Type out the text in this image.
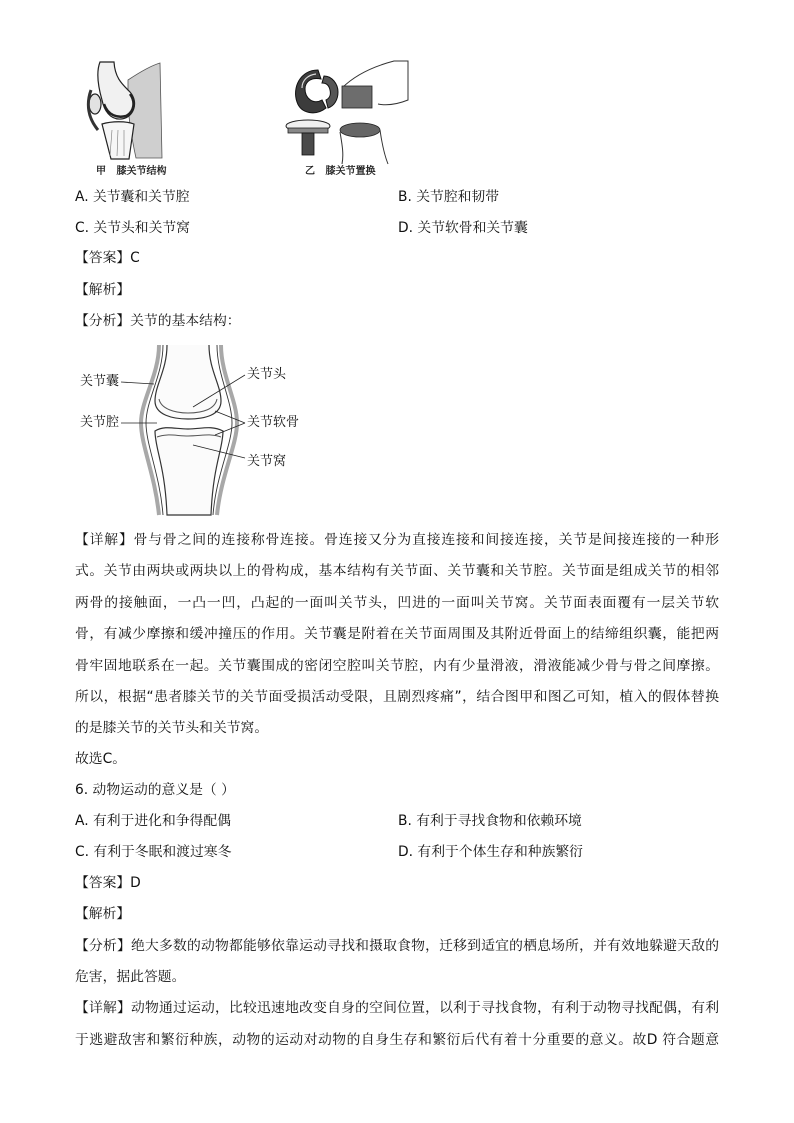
甲   膝关节结构	乙   膝关节置换
A. 关节囊和关节腔	B. 关节腔和韧带
C. 关节头和关节窝	D. 关节软骨和关节囊
【答案】C
【解析】
【分析】关节的基本结构：
关节囊	关节头
关节腔	关节软骨
关节窝
【详解】骨与骨之间的连接称骨连接。骨连接又分为直接连接和间接连接，关节是间接连接的一种形
式。关节由两块或两块以上的骨构成，基本结构有关节面、关节囊和关节腔。关节面是组成关节的相邻
两骨的接触面，一凸一凹，凸起的一面叫关节头，凹进的一面叫关节窝。关节面表面覆有一层关节软
骨，有减少摩擦和缓冲撞压的作用。关节囊是附着在关节面周围及其附近骨面上的结缔组织囊，能把两
骨牢固地联系在一起。关节囊围成的密闭空腔叫关节腔，内有少量滑液，滑液能减少骨与骨之间摩擦。
所以，根据“患者膝关节的关节面受损活动受限，且剧烈疼痛”，结合图甲和图乙可知，植入的假体替换
的是膝关节的关节头和关节窝。
故选C。
6. 动物运动的意义是（ ）
A. 有利于进化和争得配偶	B. 有利于寻找食物和依赖环境
C. 有利于冬眠和渡过寒冬	D. 有利于个体生存和种族繁衍
【答案】D
【解析】
【分析】绝大多数的动物都能够依靠运动寻找和摄取食物，迁移到适宜的栖息场所，并有效地躲避天敌的
危害，据此答题。
【详解】动物通过运动，比较迅速地改变自身的空间位置，以利于寻找食物，有利于动物寻找配偶，有利
于逃避敌害和繁衍种族，动物的运动对动物的自身生存和繁衍后代有着十分重要的意义。故D 符合题意
